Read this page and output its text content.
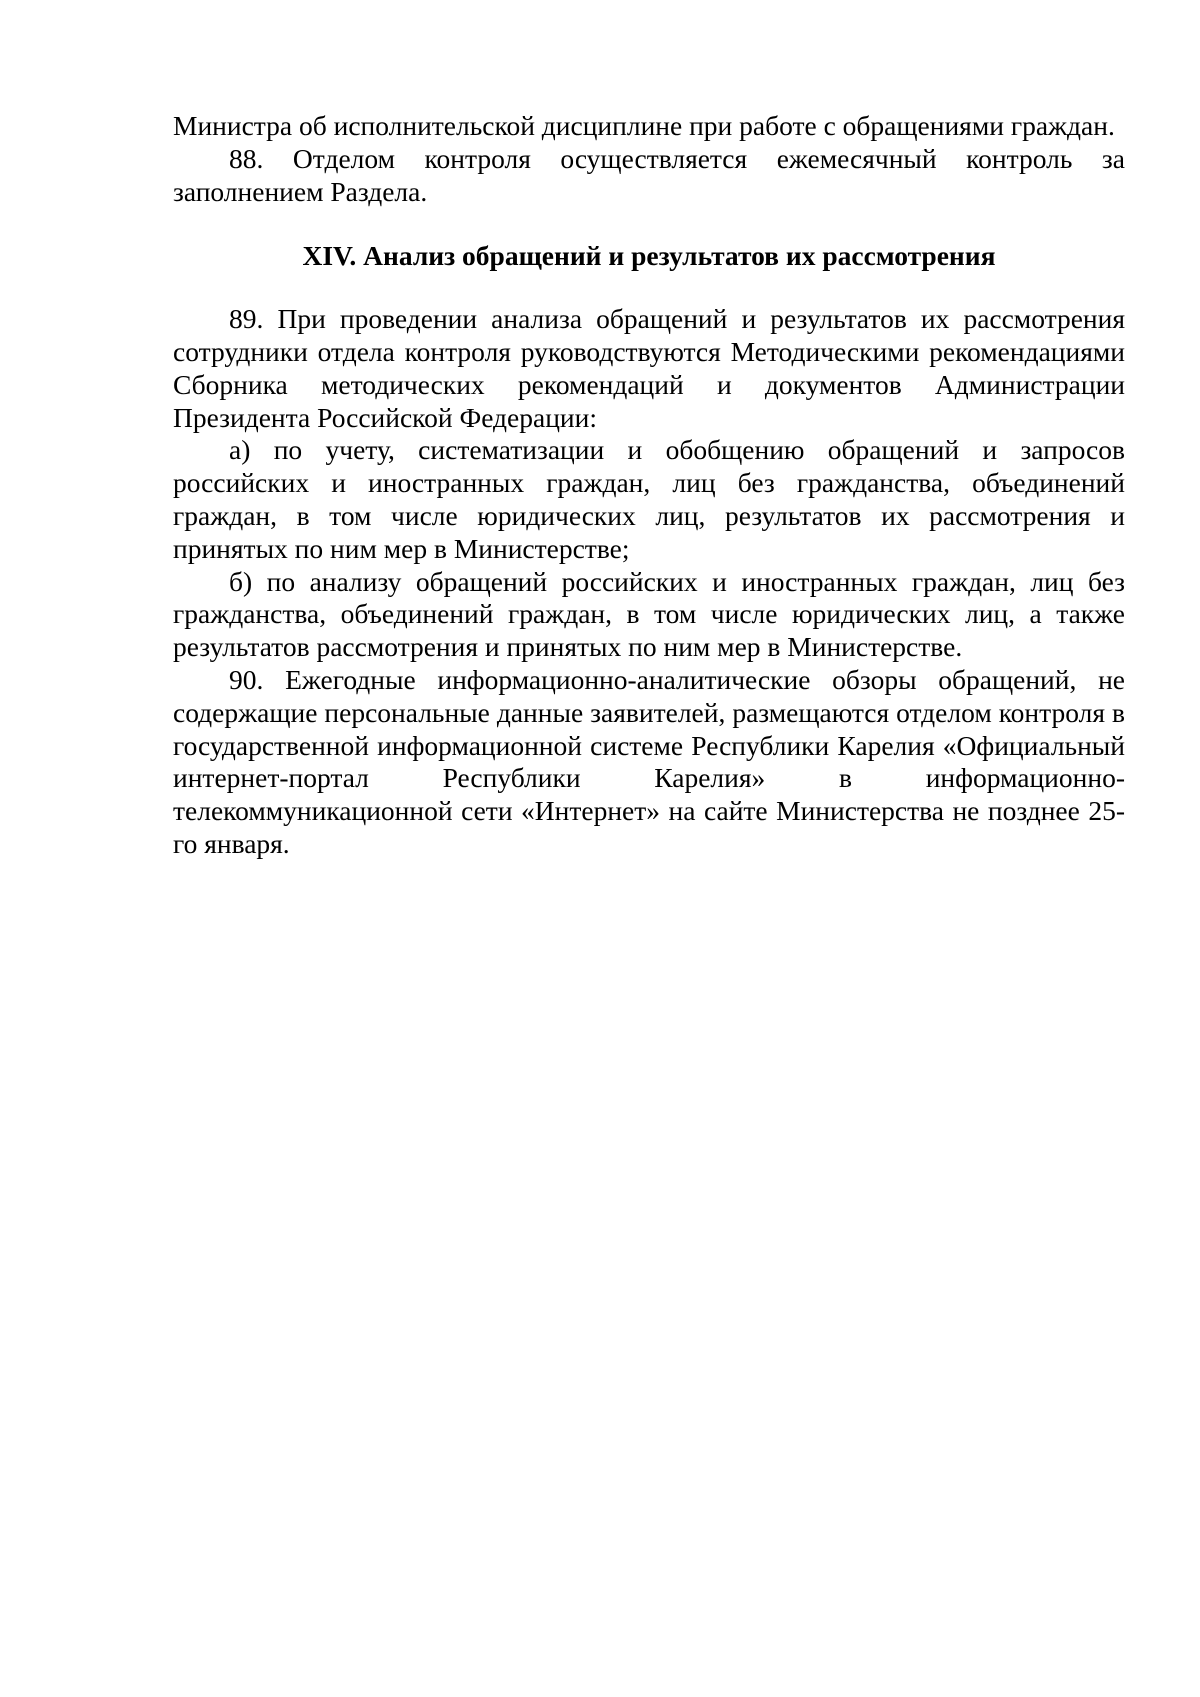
Министра об исполнительской дисциплине при работе с обращениями граждан.

88. Отделом контроля осуществляется ежемесячный контроль за заполнением Раздела.

XIV. Анализ обращений и результатов их рассмотрения

89. При проведении анализа обращений и результатов их рассмотрения сотрудники отдела контроля руководствуются Методическими рекомендациями Сборника методических рекомендаций и документов Администрации Президента Российской Федерации:

а) по учету, систематизации и обобщению обращений и запросов российских и иностранных граждан, лиц без гражданства, объединений граждан, в том числе юридических лиц, результатов их рассмотрения и принятых по ним мер в Министерстве;

б) по анализу обращений российских и иностранных граждан, лиц без гражданства, объединений граждан, в том числе юридических лиц, а также результатов рассмотрения и принятых по ним мер в Министерстве.

90. Ежегодные информационно-аналитические обзоры обращений, не содержащие персональные данные заявителей, размещаются отделом контроля в государственной информационной системе Республики Карелия «Официальный интернет-портал Республики Карелия» в информационно-телекоммуникационной сети «Интернет» на сайте Министерства не позднее 25-го января.
